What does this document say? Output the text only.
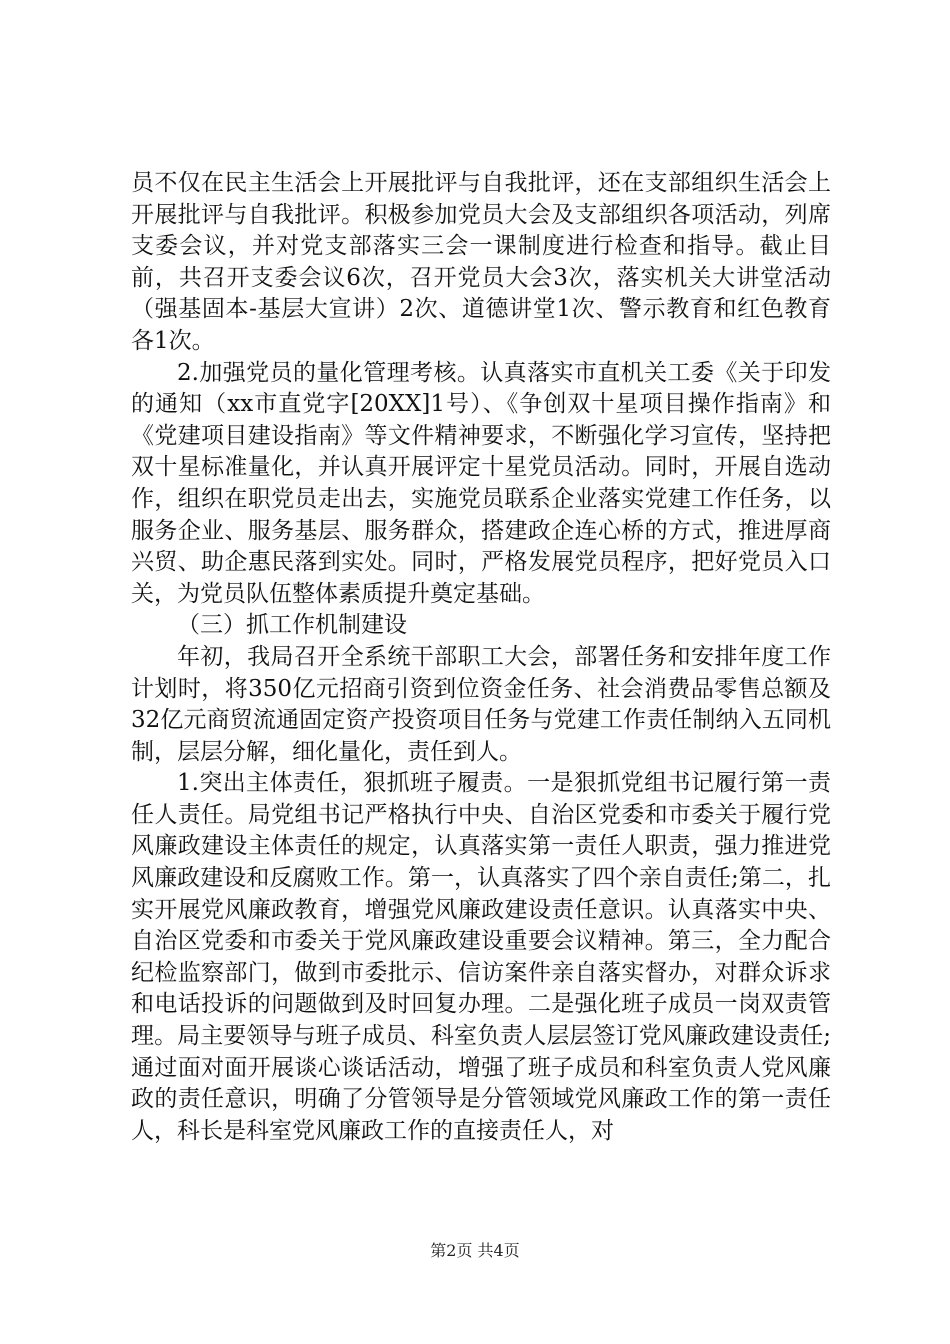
员不仅在民主生活会上开展批评与自我批评，还在支部组织生活会上开展批评与自我批评。积极参加党员大会及支部组织各项活动，列席支委会议，并对党支部落实三会一课制度进行检查和指导。截止目前，共召开支委会议6次，召开党员大会3次，落实机关大讲堂活动（强基固本-基层大宣讲）2次、道德讲堂1次、警示教育和红色教育各1次。

2.加强党员的量化管理考核。认真落实市直机关工委《关于印发的通知（xx市直党字[20XX]1号）、《争创双十星项目操作指南》和《党建项目建设指南》等文件精神要求，不断强化学习宣传，坚持把双十星标准量化，并认真开展评定十星党员活动。同时，开展自选动作，组织在职党员走出去，实施党员联系企业落实党建工作任务，以服务企业、服务基层、服务群众，搭建政企连心桥的方式，推进厚商兴贸、助企惠民落到实处。同时，严格发展党员程序，把好党员入口关，为党员队伍整体素质提升奠定基础。

（三）抓工作机制建设

年初，我局召开全系统干部职工大会，部署任务和安排年度工作计划时，将350亿元招商引资到位资金任务、社会消费品零售总额及32亿元商贸流通固定资产投资项目任务与党建工作责任制纳入五同机制，层层分解，细化量化，责任到人。

1.突出主体责任，狠抓班子履责。一是狠抓党组书记履行第一责任人责任。局党组书记严格执行中央、自治区党委和市委关于履行党风廉政建设主体责任的规定，认真落实第一责任人职责，强力推进党风廉政建设和反腐败工作。第一，认真落实了四个亲自责任;第二，扎实开展党风廉政教育，增强党风廉政建设责任意识。认真落实中央、自治区党委和市委关于党风廉政建设重要会议精神。第三，全力配合纪检监察部门，做到市委批示、信访案件亲自落实督办，对群众诉求和电话投诉的问题做到及时回复办理。二是强化班子成员一岗双责管理。局主要领导与班子成员、科室负责人层层签订党风廉政建设责任;通过面对面开展谈心谈话活动，增强了班子成员和科室负责人党风廉政的责任意识，明确了分管领导是分管领域党风廉政工作的第一责任人，科长是科室党风廉政工作的直接责任人，对

第2页 共4页
